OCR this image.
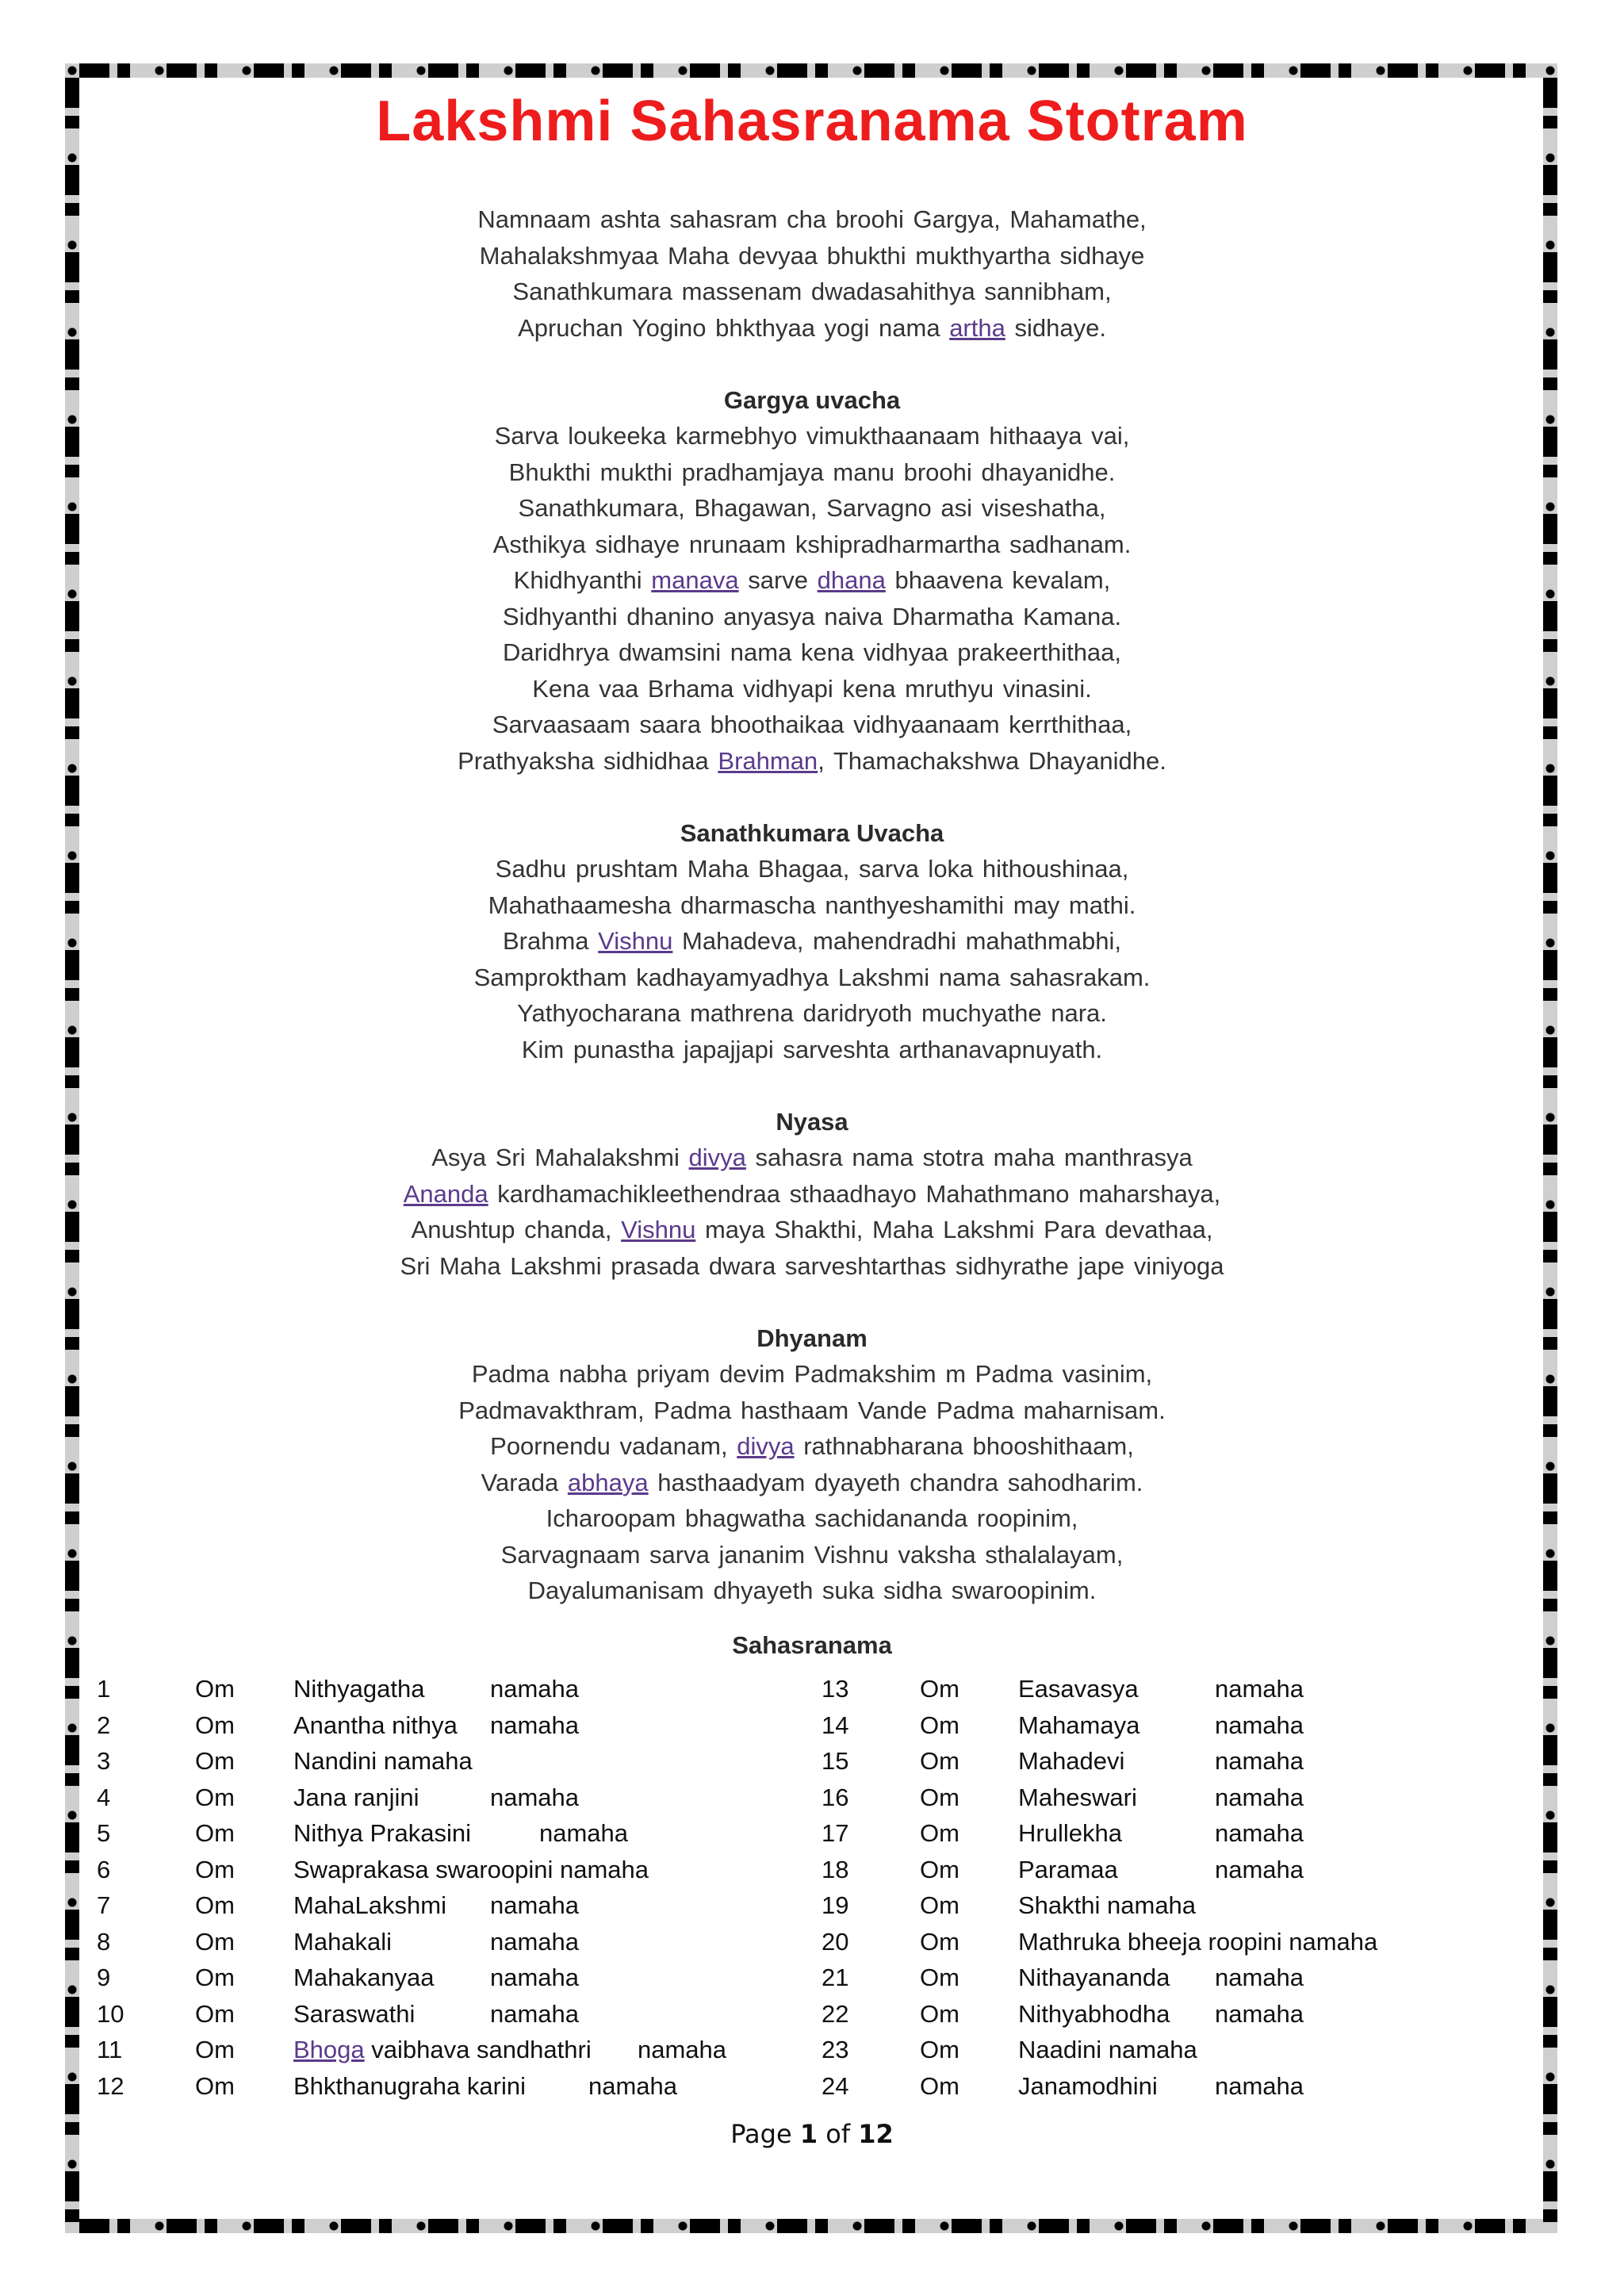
Lakshmi Sahasranama Stotram
Namnaam ashta sahasram cha broohi Gargya, Mahamathe,
Mahalakshmyaa Maha devyaa bhukthi mukthyartha sidhaye
Sanathkumara massenam dwadasahithya sannibham,
Apruchan Yogino bhkthyaa yogi nama artha sidhaye.
Gargya uvacha
Sarva loukeeka karmebhyo vimukthaanaam hithaaya vai,
Bhukthi mukthi pradhamjaya manu broohi dhayanidhe.
Sanathkumara, Bhagawan, Sarvagno asi viseshatha,
Asthikya sidhaye nrunaam kshipradharmartha sadhanam.
Khidhyanthi manava sarve dhana bhaavena kevalam,
Sidhyanthi dhanino anyasya naiva Dharmatha Kamana.
Daridhrya dwamsini nama kena vidhyaa prakeerthithaa,
Kena vaa Brhama vidhyapi kena mruthyu vinasini.
Sarvaasaam saara bhoothaikaa vidhyaanaam kerrthithaa,
Prathyaksha sidhidhaa Brahman, Thamachakshwa Dhayanidhe.
Sanathkumara Uvacha
Sadhu prushtam Maha Bhagaa, sarva loka hithoushinaa,
Mahathaamesha dharmascha nanthyeshamithi may mathi.
Brahma Vishnu Mahadeva, mahendradhi mahathmabhi,
Samproktham kadhayamyadhya Lakshmi nama sahasrakam.
Yathyocharana mathrena daridryoth muchyathe nara.
Kim punastha japajjapi sarveshta arthanavapnuyath.
Nyasa
Asya Sri Mahalakshmi divya sahasra nama stotra maha manthrasya
Ananda kardhamachikleethendraa sthaadhayo Mahathmano maharshaya,
Anushtup chanda, Vishnu maya Shakthi, Maha Lakshmi Para devathaa,
Sri Maha Lakshmi prasada dwara sarveshtarthas sidhyrathe jape viniyoga
Dhyanam
Padma nabha priyam devim Padmakshim m Padma vasinim,
Padmavakthram, Padma hasthaam Vande Padma maharnisam.
Poornendu vadanam, divya rathnabharana bhooshithaam,
Varada abhaya hasthaadyam dyayeth chandra sahodharim.
Icharoopam bhagwatha sachidananda roopinim,
Sarvagnaam sarva jananim Vishnu vaksha sthalalayam,
Dayalumanisam dhyayeth suka sidha swaroopinim.
Sahasranama
1	Om Nithyagatha	namaha
2	Om Anantha nithya namaha
3	Om Nandini namaha
4	Om Jana ranjini	namaha
5	Om Nithya Prakasini	namaha
6	Om Swaprakasa swaroopini namaha
7	Om MahaLakshmi namaha
8	Om Mahakali	namaha
9	Om Mahakanyaa namaha
10	Om Saraswathi	namaha
11	Om Bhoga vaibhava sandhathri namaha
12	Om Bhkthanugraha karini	namaha
13	Om Easavasya	namaha
14	Om Mahamaya	namaha
15	Om Mahadevi	namaha
16	Om Maheswari	namaha
17	Om Hrullekha	namaha
18	Om Paramaa	namaha
19	Om Shakthi namaha
20	Om Mathruka bheeja roopini namaha
21	Om Nithayananda namaha
22	Om Nithyabhodha namaha
23	Om Naadini namaha
24	Om Janamodhini namaha
Page 1 of 12
